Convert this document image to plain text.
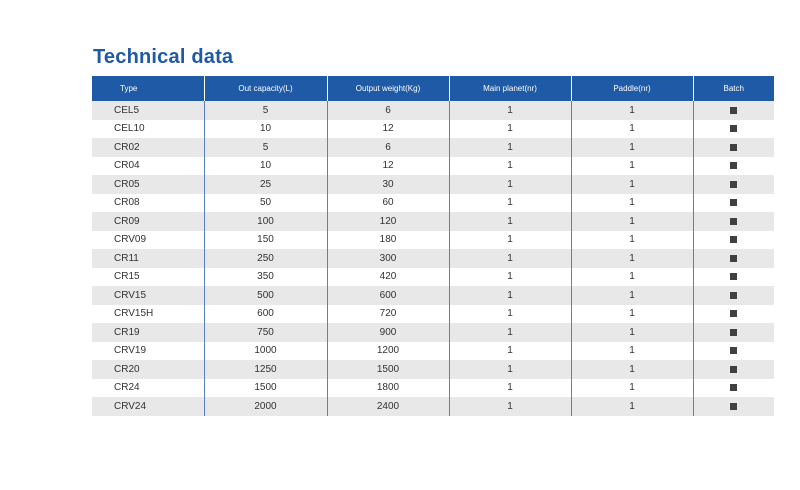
Technical data
Type	Out capacity(L)	Output weight(Kg)	Main planet(nr)	Paddle(nr)	Batch
CEL5	5	6	1	1	
CEL10	10	12	1	1	
CR02	5	6	1	1	
CR04	10	12	1	1	
CR05	25	30	1	1	
CR08	50	60	1	1	
CR09	100	120	1	1	
CRV09	150	180	1	1	
CR11	250	300	1	1	
CR15	350	420	1	1	
CRV15	500	600	1	1	
CRV15H	600	720	1	1	
CR19	750	900	1	1	
CRV19	1000	1200	1	1	
CR20	1250	1500	1	1	
CR24	1500	1800	1	1	
CRV24	2000	2400	1	1	
